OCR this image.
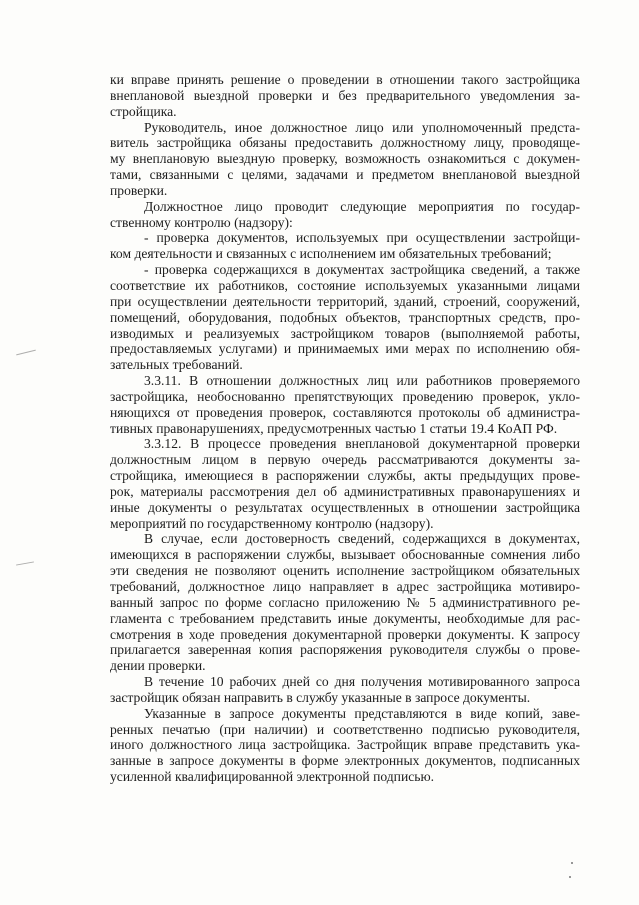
ки вправе принять решение о проведении в отношении такого застройщика
внеплановой выездной проверки и без предварительного уведомления за-
стройщика.
Руководитель, иное должностное лицо или уполномоченный предста-
витель застройщика обязаны предоставить должностному лицу, проводяще-
му внеплановую выездную проверку, возможность ознакомиться с докумен-
тами, связанными с целями, задачами и предметом внеплановой выездной
проверки.
Должностное лицо проводит следующие мероприятия по государ-
ственному контролю (надзору):
- проверка документов, используемых при осуществлении застройщи-
ком деятельности и связанных с исполнением им обязательных требований;
- проверка содержащихся в документах застройщика сведений, а также
соответствие их работников, состояние используемых указанными лицами
при осуществлении деятельности территорий, зданий, строений, сооружений,
помещений, оборудования, подобных объектов, транспортных средств, про-
изводимых и реализуемых застройщиком товаров (выполняемой работы,
предоставляемых услугами) и принимаемых ими мерах по исполнению обя-
зательных требований.
3.3.11. В отношении должностных лиц или работников проверяемого
застройщика, необоснованно препятствующих проведению проверок, укло-
няющихся от проведения проверок, составляются протоколы об администра-
тивных правонарушениях, предусмотренных частью 1 статьи 19.4 КоАП РФ.
3.3.12. В процессе проведения внеплановой документарной проверки
должностным лицом в первую очередь рассматриваются документы за-
стройщика, имеющиеся в распоряжении службы, акты предыдущих прове-
рок, материалы рассмотрения дел об административных правонарушениях и
иные документы о результатах осуществленных в отношении застройщика
мероприятий по государственному контролю (надзору).
В случае, если достоверность сведений, содержащихся в документах,
имеющихся в распоряжении службы, вызывает обоснованные сомнения либо
эти сведения не позволяют оценить исполнение застройщиком обязательных
требований, должностное лицо направляет в адрес застройщика мотивиро-
ванный запрос по форме согласно приложению № 5 административного ре-
гламента с требованием представить иные документы, необходимые для рас-
смотрения в ходе проведения документарной проверки документы. К запросу
прилагается заверенная копия распоряжения руководителя службы о прове-
дении проверки.
В течение 10 рабочих дней со дня получения мотивированного запроса
застройщик обязан направить в службу указанные в запросе документы.
Указанные в запросе документы представляются в виде копий, заве-
ренных печатью (при наличии) и соответственно подписью руководителя,
иного должностного лица застройщика. Застройщик вправе представить ука-
занные в запросе документы в форме электронных документов, подписанных
усиленной квалифицированной электронной подписью.
